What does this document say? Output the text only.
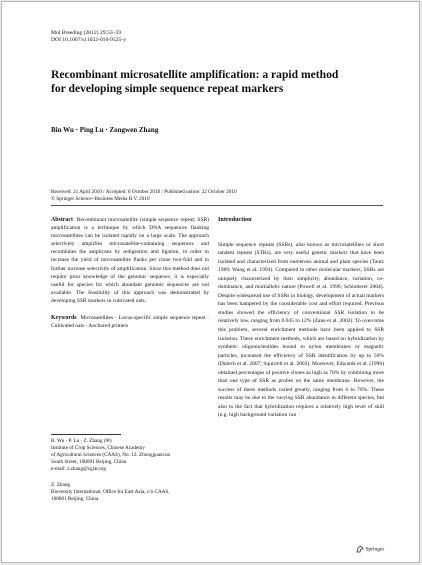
Mol Breeding (2012) 29:53–59
DOI 10.1007/s11032-010-9525-y
Recombinant microsatellite amplification: a rapid method
for developing simple sequence repeat markers
Bin Wu · Ping Lu · Zongwen Zhang
Received: 21 April 2010 / Accepted: 6 October 2010 / Published online: 22 October 2010
© Springer Science+Business Media B.V. 2010

Abstract Recombinant microsatellite (simple sequence repeat; SSR) amplification is a technique by which DNA sequences flanking microsatellites can be isolated rapidly on a large scale. The approach selectively amplifies microsatellite-containing sequences and recombines the amplicons by redigestion and ligation, in order to increase the yield of microsatellite flanks per clone two-fold and to further increase selectivity of amplification. Since this method does not require prior knowledge of the genomic sequence, it is especially useful for species for which abundant genomic sequences are not available. The feasibility of this approach was demonstrated by developing SSR markers in cultivated oats.

Keywords Microsatellites · Locus-specific simple sequence repeat · Cultivated oats · Anchored primers

B. Wu · P. Lu · Z. Zhang (✉)
Institute of Crop Sciences, Chinese Academy
of Agricultural Sciences (CAAS), No. 12. Zhongguancun
South Street, 100081 Beijing, China
e-mail: z.zhang@cgiar.org

Z. Zhang
Bioversity International, Office for East Asia, c/o CAAS,
100081 Beijing, China

Introduction

Simple sequence repeats (SSRs), also known as microsatellites or short tandem repeats (STRs), are very useful genetic markers that have been isolated and characterized from numerous animal and plant species (Tautz 1989; Wang et al. 1994). Compared to other molecular markers, SSRs are uniquely characterized by their simplicity, abundance, variation, co-dominance, and multiallelic nature (Powell et al. 1996; Schlotterer 2004). Despite widespread use of SSRs in biology, development of actual markers has been hampered by the considerable cost and effort required. Previous studies showed the efficiency of conventional SSR isolation to be relatively low, ranging from 0.045 to 12% (Zane et al. 2002). To overcome this problem, several enrichment methods have been applied to SSR isolation. These enrichment methods, which are based on hybridization by synthetic oligonucleotides bound to nylon membranes or magnetic particles, increased the efficiency of SSR identification by up to 50% (Dutech et al. 2007; Squirrell et al. 2003). Moreover, Edwards et al. (1996) obtained percentages of positive clones as high as 70% by combining more than one type of SSR as probes on the same membrane. However, the success of these methods varied greatly, ranging from 6 to 70%. These results may be due to the varying SSR abundance in different species, but also to the fact that hybridization requires a relatively high level of skill (e.g. high background variation can

Springer
